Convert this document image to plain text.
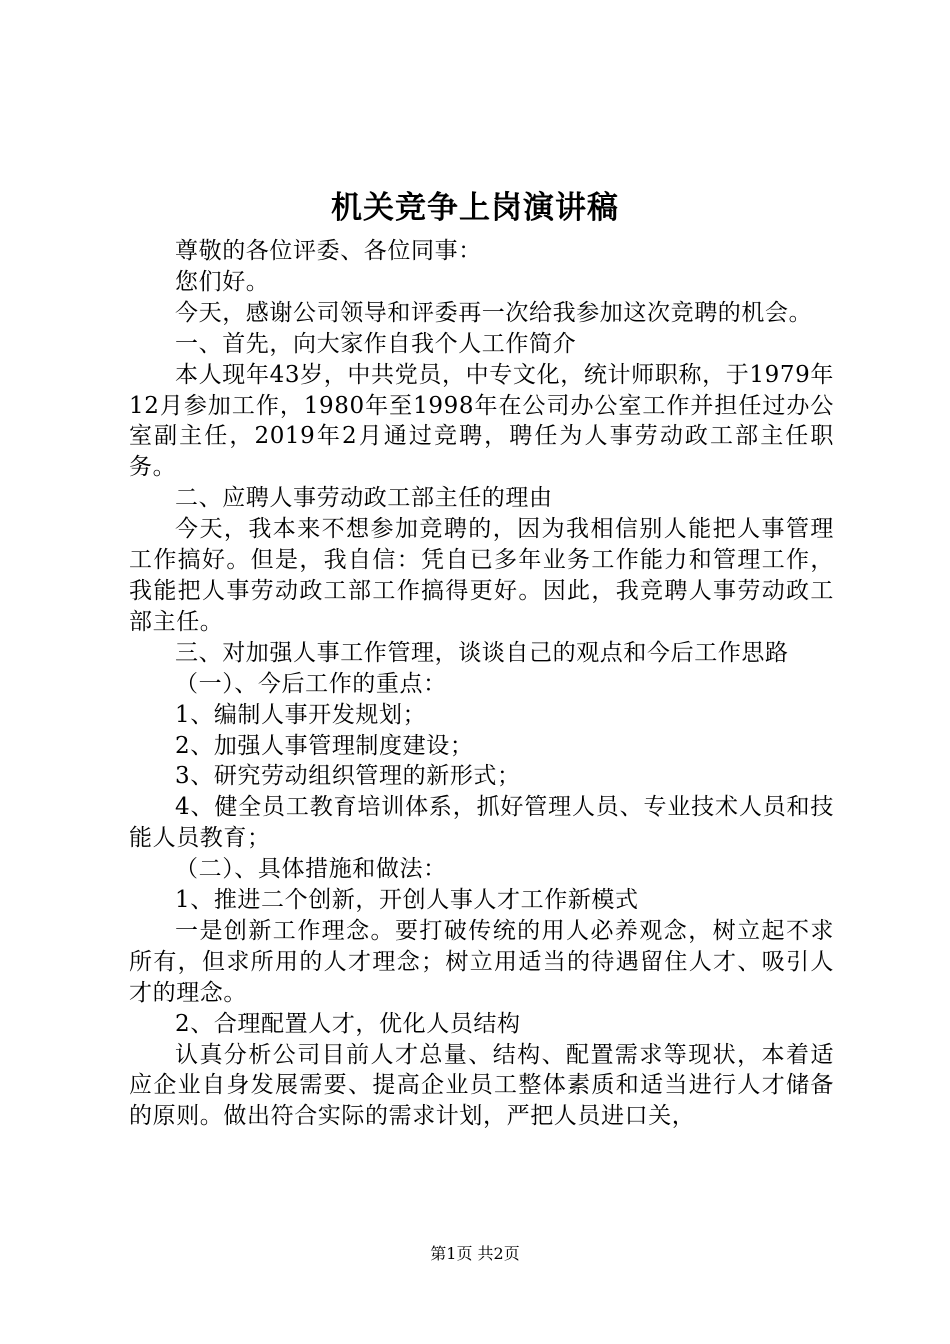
机关竞争上岗演讲稿

尊敬的各位评委、各位同事：

您们好。

今天，感谢公司领导和评委再一次给我参加这次竞聘的机会。

一、首先，向大家作自我个人工作简介

本人现年43岁，中共党员，中专文化，统计师职称，于1979年12月参加工作，1980年至1998年在公司办公室工作并担任过办公室副主任，2019年2月通过竞聘，聘任为人事劳动政工部主任职务。

二、应聘人事劳动政工部主任的理由

今天，我本来不想参加竞聘的，因为我相信别人能把人事管理工作搞好。但是，我自信：凭自已多年业务工作能力和管理工作，我能把人事劳动政工部工作搞得更好。因此，我竞聘人事劳动政工部主任。

三、对加强人事工作管理，谈谈自己的观点和今后工作思路

（一）、今后工作的重点：

1、编制人事开发规划；

2、加强人事管理制度建设；

3、研究劳动组织管理的新形式；

4、健全员工教育培训体系，抓好管理人员、专业技术人员和技能人员教育；

（二）、具体措施和做法：

1、推进二个创新，开创人事人才工作新模式

一是创新工作理念。要打破传统的用人必养观念，树立起不求所有，但求所用的人才理念；树立用适当的待遇留住人才、吸引人才的理念。

2、合理配置人才，优化人员结构

认真分析公司目前人才总量、结构、配置需求等现状，本着适应企业自身发展需要、提高企业员工整体素质和适当进行人才储备的原则。做出符合实际的需求计划，严把人员进口关，

第1页 共2页
